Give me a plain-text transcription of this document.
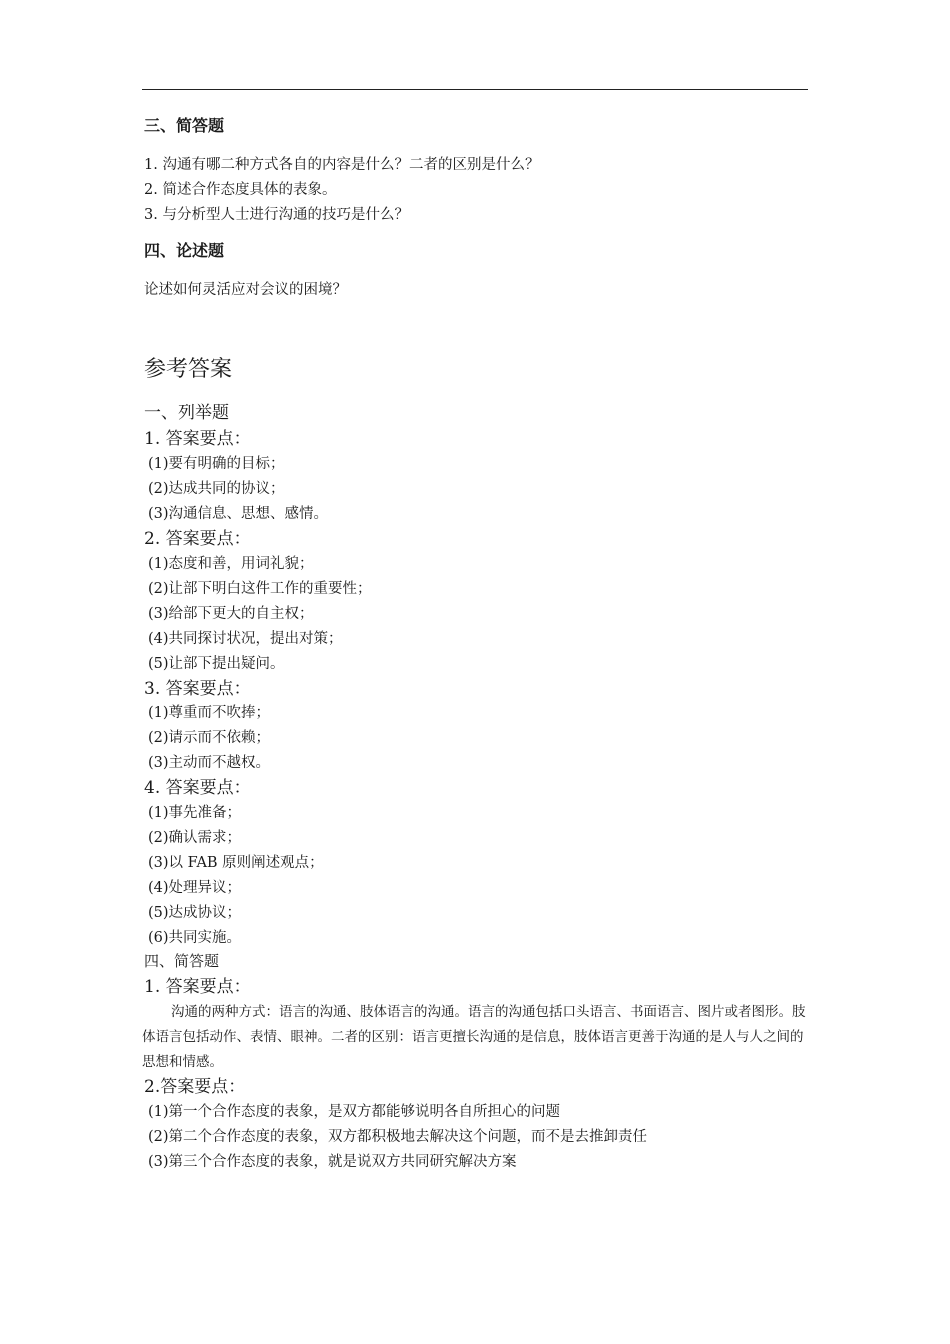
三、简答题
1. 沟通有哪二种方式各自的内容是什么？二者的区别是什么？
2. 简述合作态度具体的表象。
3. 与分析型人士进行沟通的技巧是什么？
四、论述题
论述如何灵活应对会议的困境？
参考答案
一、列举题
1. 答案要点：
(1)要有明确的目标；
(2)达成共同的协议；
(3)沟通信息、思想、感情。
2. 答案要点：
(1)态度和善，用词礼貌；
(2)让部下明白这件工作的重要性；
(3)给部下更大的自主权；
(4)共同探讨状况，提出对策；
(5)让部下提出疑问。
3. 答案要点：
(1)尊重而不吹捧；
(2)请示而不依赖；
(3)主动而不越权。
4. 答案要点：
(1)事先准备；
(2)确认需求；
(3)以 FAB 原则阐述观点；
(4)处理异议；
(5)达成协议；
(6)共同实施。
四、简答题
1. 答案要点：
沟通的两种方式：语言的沟通、肢体语言的沟通。语言的沟通包括口头语言、书面语言、图片或者图形。肢体语言包括动作、表情、眼神。二者的区别：语言更擅长沟通的是信息，肢体语言更善于沟通的是人与人之间的思想和情感。
2.答案要点：
(1)第一个合作态度的表象，是双方都能够说明各自所担心的问题
(2)第二个合作态度的表象，双方都积极地去解决这个问题，而不是去推卸责任
(3)第三个合作态度的表象，就是说双方共同研究解决方案
